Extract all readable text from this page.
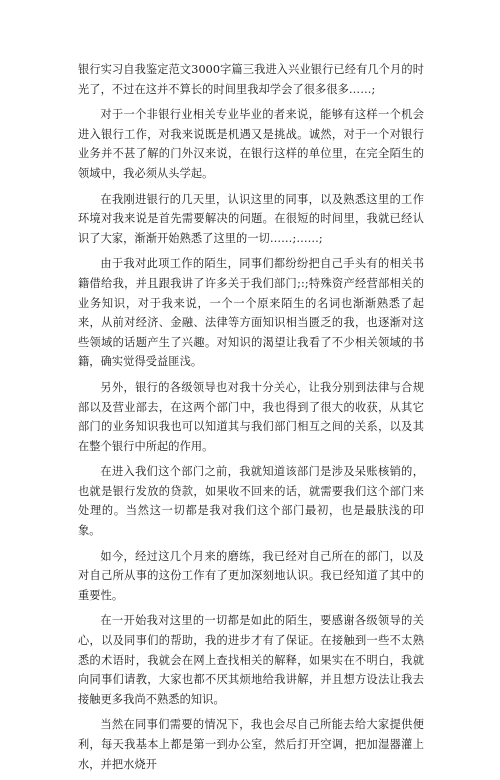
银行实习自我鉴定范文3000字篇三我进入兴业银行已经有几个月的时光了，不过在这并不算长的时间里我却学会了很多很多……;

对于一个非银行业相关专业毕业的者来说，能够有这样一个机会进入银行工作，对我来说既是机遇又是挑战。诚然，对于一个对银行业务并不甚了解的门外汉来说，在银行这样的单位里，在完全陌生的领域中，我必须从头学起。

在我刚进银行的几天里，认识这里的同事，以及熟悉这里的工作环境对我来说是首先需要解决的问题。在很短的时间里，我就已经认识了大家，渐渐开始熟悉了这里的一切……;……;

由于我对此项工作的陌生，同事们都纷纷把自己手头有的相关书籍借给我，并且跟我讲了许多关于我们部门;:;特殊资产经营部相关的业务知识，对于我来说，一个一个原来陌生的名词也渐渐熟悉了起来，从前对经济、金融、法律等方面知识相当匮乏的我，也逐渐对这些领域的话题产生了兴趣。对知识的渴望让我看了不少相关领域的书籍，确实觉得受益匪浅。

另外，银行的各级领导也对我十分关心，让我分别到法律与合规部以及营业部去，在这两个部门中，我也得到了很大的收获，从其它部门的业务知识我也可以知道其与我们部门相互之间的关系，以及其在整个银行中所起的作用。

在进入我们这个部门之前，我就知道该部门是涉及呆账核销的，也就是银行发放的贷款，如果收不回来的话，就需要我们这个部门来处理的。当然这一切都是我对我们这个部门最初，也是最肤浅的印象。

如今，经过这几个月来的磨练，我已经对自己所在的部门，以及对自己所从事的这份工作有了更加深刻地认识。我已经知道了其中的重要性。

在一开始我对这里的一切都是如此的陌生，要感谢各级领导的关心，以及同事们的帮助，我的进步才有了保证。在接触到一些不太熟悉的术语时，我就会在网上查找相关的解释，如果实在不明白，我就向同事们请教，大家也都不厌其烦地给我讲解，并且想方设法让我去接触更多我尚不熟悉的知识。

当然在同事们需要的情况下，我也会尽自己所能去给大家提供便利，每天我基本上都是第一到办公室，然后打开空调，把加湿器灌上水，并把水烧开
